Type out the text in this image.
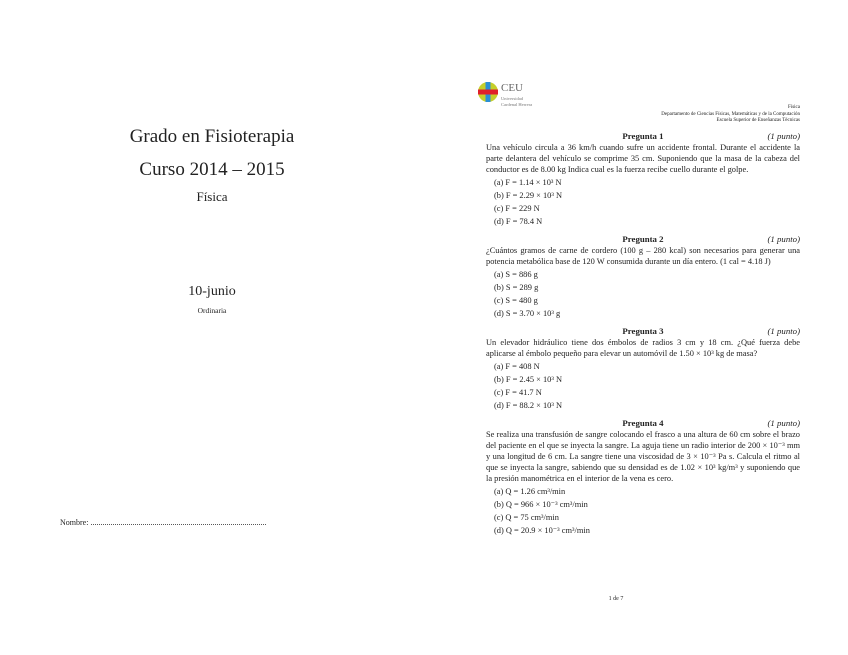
Grado en Fisioterapia
Curso 2014 – 2015
Física
10-junio
Ordinaria
Nombre: ........................................................................................
CEU
Universidad
Cardenal Herrera
Física
Departamento de Ciencias Físicas, Matemáticas y de la Computación
Escuela Superior de Enseñanzas Técnicas
Pregunta 1	(1 punto)
Una vehículo circula a 36 km/h cuando sufre un accidente frontal. Durante el accidente la parte delantera del vehículo se comprime 35 cm. Suponiendo que la masa de la cabeza del conductor es de 8.00 kg Indica cual es la fuerza recibe cuello durante el golpe.
(a) F = 1.14 × 10³ N
(b) F = 2.29 × 10³ N
(c) F = 229 N
(d) F = 78.4 N
Pregunta 2	(1 punto)
¿Cuántos gramos de carne de cordero (100 g – 280 kcal) son necesarios para generar una potencia metabólica base de 120 W consumida durante un día entero. (1 cal = 4.18 J)
(a) S = 886 g
(b) S = 289 g
(c) S = 480 g
(d) S = 3.70 × 10³ g
Pregunta 3	(1 punto)
Un elevador hidráulico tiene dos émbolos de radios 3 cm y 18 cm. ¿Qué fuerza debe aplicarse al émbolo pequeño para elevar un automóvil de 1.50 × 10³ kg de masa?
(a) F = 408 N
(b) F = 2.45 × 10³ N
(c) F = 41.7 N
(d) F = 88.2 × 10³ N
Pregunta 4	(1 punto)
Se realiza una transfusión de sangre colocando el frasco a una altura de 60 cm sobre el brazo del paciente en el que se inyecta la sangre. La aguja tiene un radio interior de 200 × 10⁻³ mm y una longitud de 6 cm. La sangre tiene una viscosidad de 3 × 10⁻³ Pa s. Calcula el ritmo al que se inyecta la sangre, sabiendo que su densidad es de 1.02 × 10³ kg/m³ y suponiendo que la presión manométrica en el interior de la vena es cero.
(a) Q = 1.26 cm³/min
(b) Q = 966 × 10⁻³ cm³/min
(c) Q = 75 cm³/min
(d) Q = 20.9 × 10⁻³ cm³/min
1 de 7
